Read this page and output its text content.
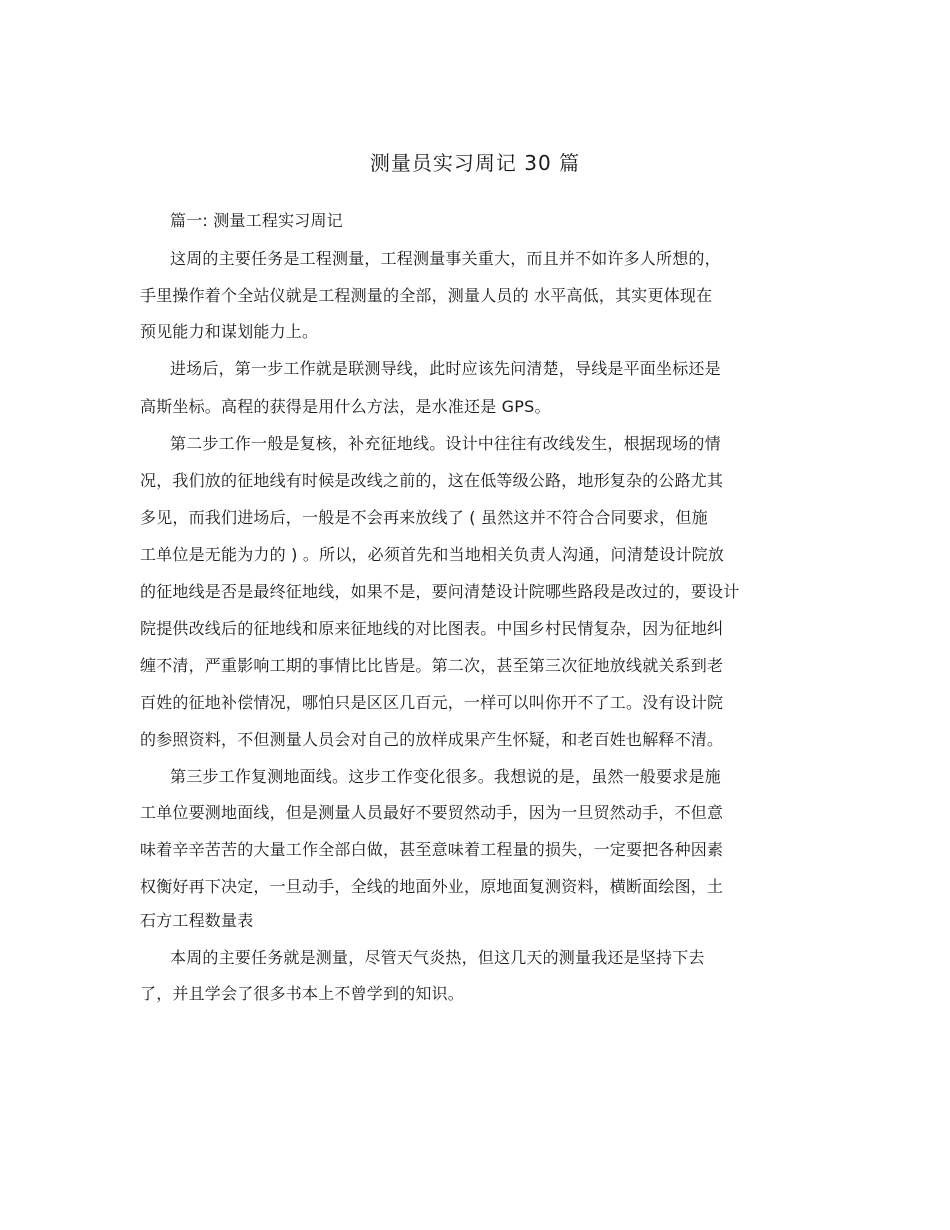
测量员实习周记 30 篇
篇一: 测量工程实习周记
这周的主要任务是工程测量，工程测量事关重大，而且并不如许多人所想的，
手里操作着个全站仪就是工程测量的全部，测量人员的 水平高低，其实更体现在
预见能力和谋划能力上。
进场后，第一步工作就是联测导线，此时应该先问清楚，导线是平面坐标还是
高斯坐标。高程的获得是用什么方法，是水准还是 GPS。
第二步工作一般是复核，补充征地线。设计中往往有改线发生，根据现场的情
况，我们放的征地线有时候是改线之前的，这在低等级公路，地形复杂的公路尤其
多见，而我们进场后，一般是不会再来放线了 ( 虽然这并不符合合同要求，但施
工单位是无能为力的 ) 。所以，必须首先和当地相关负责人沟通，问清楚设计院放
的征地线是否是最终征地线，如果不是，要问清楚设计院哪些路段是改过的，要设计
院提供改线后的征地线和原来征地线的对比图表。中国乡村民情复杂，因为征地纠
缠不清，严重影响工期的事情比比皆是。第二次，甚至第三次征地放线就关系到老
百姓的征地补偿情况，哪怕只是区区几百元，一样可以叫你开不了工。没有设计院
的参照资料，不但测量人员会对自己的放样成果产生怀疑，和老百姓也解释不清。
第三步工作复测地面线。这步工作变化很多。我想说的是，虽然一般要求是施
工单位要测地面线，但是测量人员最好不要贸然动手，因为一旦贸然动手，不但意
味着辛辛苦苦的大量工作全部白做，甚至意味着工程量的损失，一定要把各种因素
权衡好再下决定，一旦动手，全线的地面外业，原地面复测资料，横断面绘图，土
石方工程数量表
本周的主要任务就是测量，尽管天气炎热，但这几天的测量我还是坚持下去
了，并且学会了很多书本上不曾学到的知识。
